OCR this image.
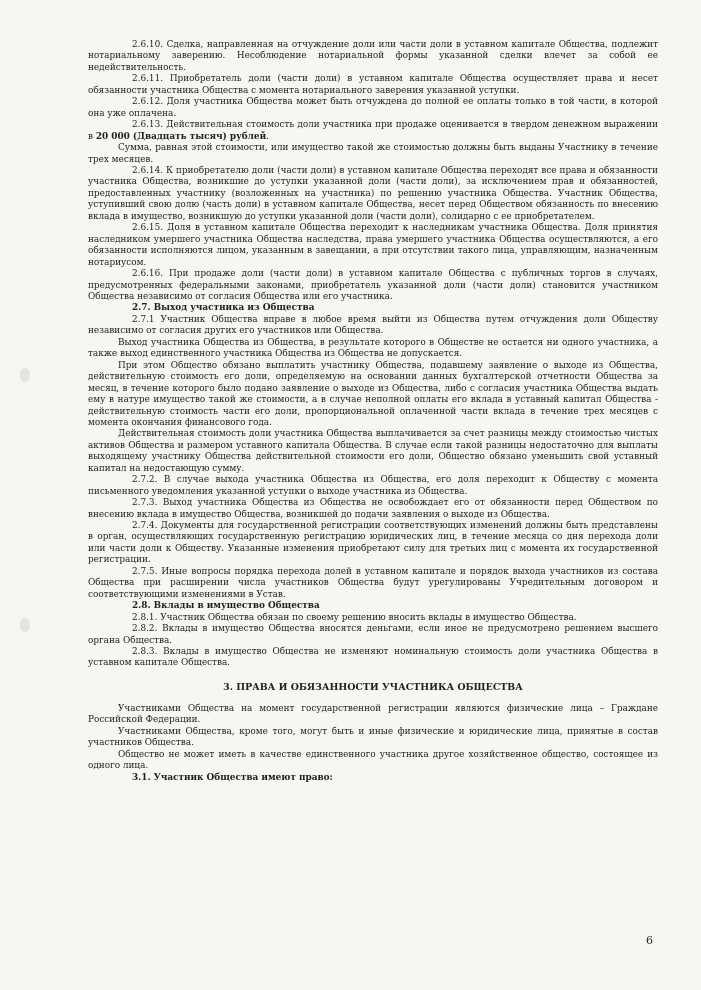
2.6.10. Сделка, направленная на отчуждение доли или части доли в уставном капитале Общества, подлежит нотариальному заверению. Несоблюдение нотариальной формы указанной сделки влечет за собой ее недействительность.

2.6.11. Приобретатель доли (части доли) в уставном капитале Общества осуществляет права и несет обязанности участника Общества с момента нотариального заверения указанной уступки.

2.6.12. Доля участника Общества может быть отчуждена до полной ее оплаты только в той части, в которой она уже оплачена.

2.6.13. Действительная стоимость доли участника при продаже оценивается в твердом денежном выражении в 20 000 (Двадцать тысяч) рублей.

Сумма, равная этой стоимости, или имущество такой же стоимостью должны быть выданы Участнику в течение трех месяцев.

2.6.14. К приобретателю доли (части доли) в уставном капитале Общества переходят все права и обязанности участника Общества, возникшие до уступки указанной доли (части доли), за исключением прав и обязанностей, предоставленных участнику (возложенных на участника) по решению участника Общества. Участник Общества, уступивший свою долю (часть доли) в уставном капитале Общества, несет перед Обществом обязанность по внесению вклада в имущество, возникшую до уступки указанной доли (части доли), солидарно с ее приобретателем.

2.6.15. Доля в уставном капитале Общества переходит к наследникам участника Общества. Доля принятия наследником умершего участника Общества наследства, права умершего участника Общества осуществляются, а его обязанности исполняются лицом, указанным в завещании, а при отсутствии такого лица, управляющим, назначенным нотариусом.

2.6.16. При продаже доли (части доли) в уставном капитале Общества с публичных торгов в случаях, предусмотренных федеральными законами, приобретатель указанной доли (части доли) становится участником Общества независимо от согласия Общества или его участника.

2.7. Выход участника из Общества

2.7.1 Участник Общества вправе в любое время выйти из Общества путем отчуждения доли Обществу независимо от согласия других его участников или Общества.

Выход участника Общества из Общества, в результате которого в Обществе не остается ни одного участника, а также выход единственного участника Общества из Общества не допускается.

При этом Общество обязано выплатить участнику Общества, подавшему заявление о выходе из Общества, действительную стоимость его доли, определяемую на основании данных бухгалтерской отчетности Общества за месяц, в течение которого было подано заявление о выходе из Общества, либо с согласия участника Общества выдать ему в натуре имущество такой же стоимости, а в случае неполной оплаты его вклада в уставный капитал Общества - действительную стоимость части его доли, пропорциональной оплаченной части вклада в течение трех месяцев с момента окончания финансового года.

Действительная стоимость доли участника Общества выплачивается за счет разницы между стоимостью чистых активов Общества и размером уставного капитала Общества. В случае если такой разницы недостаточно для выплаты выходящему участнику Общества действительной стоимости его доли, Общество обязано уменьшить свой уставный капитал на недостающую сумму.

2.7.2. В случае выхода участника Общества из Общества, его доля переходит к Обществу с момента письменного уведомления указанной уступки о выходе участника из Общества.

2.7.3. Выход участника Общества из Общества не освобождает его от обязанности перед Обществом по внесению вклада в имущество Общества, возникшей до подачи заявления о выходе из Общества.

2.7.4. Документы для государственной регистрации соответствующих изменений должны быть представлены в орган, осуществляющих государственную регистрацию юридических лиц, в течение месяца со дня перехода доли или части доли к Обществу. Указанные изменения приобретают силу для третьих лиц с момента их государственной регистрации.

2.7.5. Иные вопросы порядка перехода долей в уставном капитале и порядок выхода участников из состава Общества при расширении числа участников Общества будут урегулированы Учредительным договором и соответствующими изменениями в Устав.

2.8. Вклады в имущество Общества

2.8.1. Участник Общества обязан по своему решению вносить вклады в имущество Общества.

2.8.2. Вклады в имущество Общества вносятся деньгами, если иное не предусмотрено решением высшего органа Общества.

2.8.3. Вклады в имущество Общества не изменяют номинальную стоимость доли участника Общества в уставном капитале Общества.

3. ПРАВА И ОБЯЗАННОСТИ УЧАСТНИКА ОБЩЕСТВА

Участниками Общества на момент государственной регистрации являются физические лица – Граждане Российской Федерации.

Участниками Общества, кроме того, могут быть и иные физические и юридические лица, принятые в состав участников Общества.

Общество не может иметь в качестве единственного участника другое хозяйственное общество, состоящее из одного лица.

3.1. Участник Общества имеют право:
6
